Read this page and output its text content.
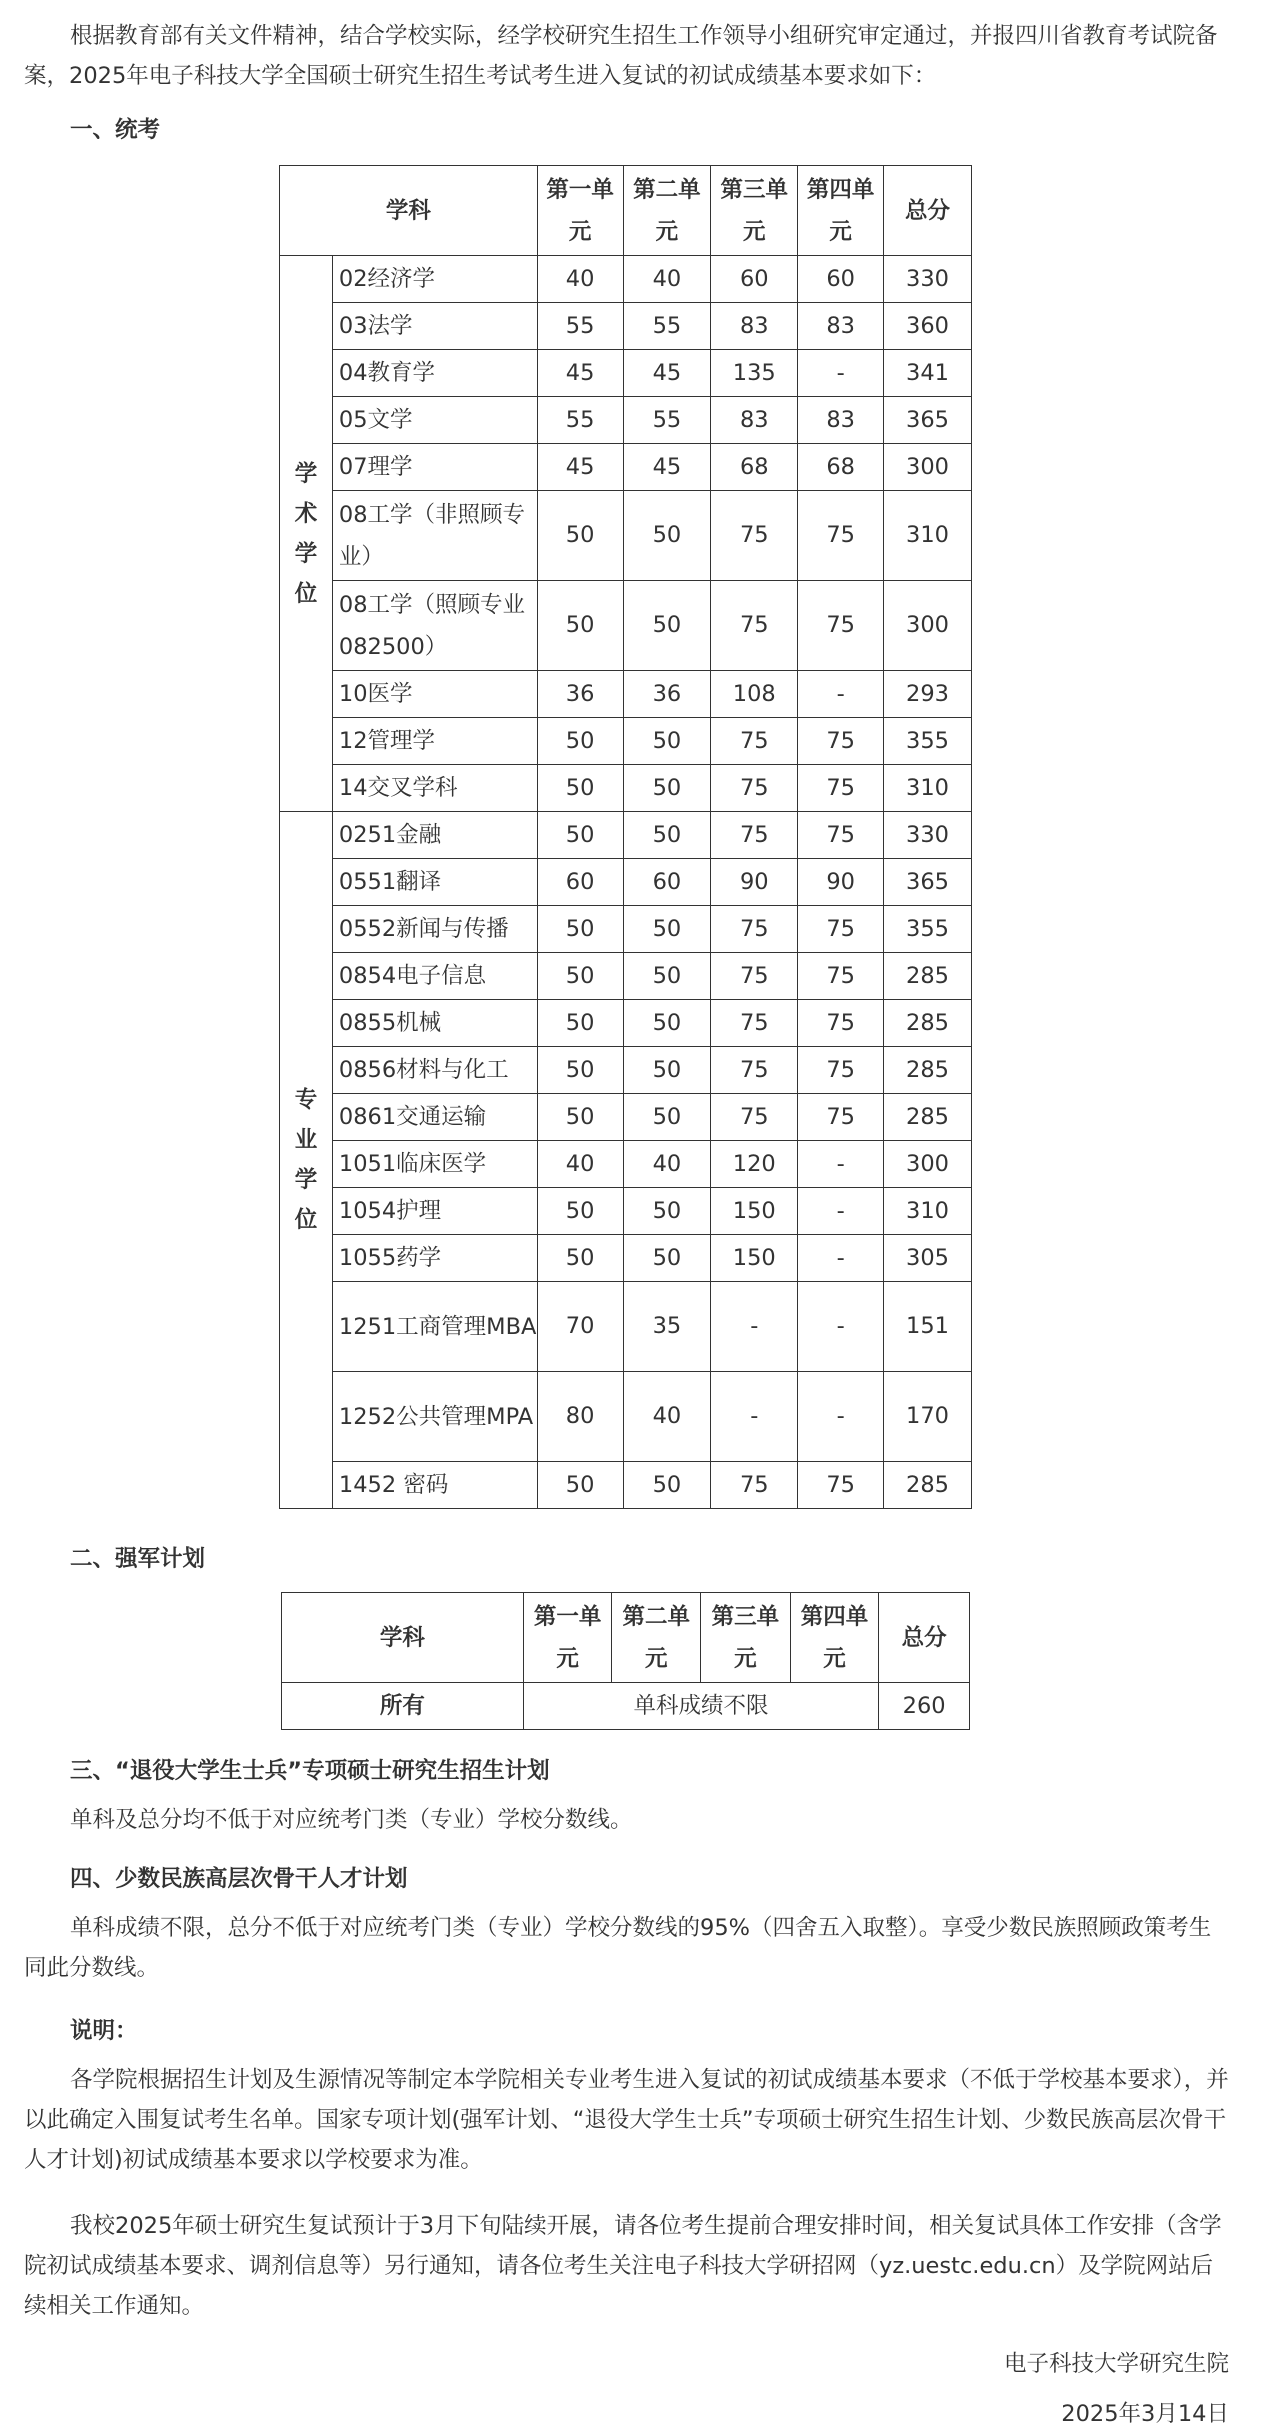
根据教育部有关文件精神，结合学校实际，经学校研究生招生工作领导小组研究审定通过，并报四川省教育考试院备案，2025年电子科技大学全国硕士研究生招生考试考生进入复试的初试成绩基本要求如下：

一、统考
学科		第一单元	第二单元	第三单元	第四单元	总分

学
术
学
位	02经济学	40	40	60	60	330
	03法学	55	55	83	83	360
	04教育学	45	45	135	-	341
	05文学	55	55	83	83	365
	07理学	45	45	68	68	300
	08工学（非照顾专业）	50	50	75	75	310
	08工学（照顾专业082500）	50	50	75	75	300
	10医学	36	36	108	-	293
	12管理学	50	50	75	75	355
	14交叉学科	50	50	75	75	310

专
业
学
位	0251金融	50	50	75	75	330
	0551翻译	60	60	90	90	365
	0552新闻与传播	50	50	75	75	355
	0854电子信息	50	50	75	75	285
	0855机械	50	50	75	75	285
	0856材料与化工	50	50	75	75	285
	0861交通运输	50	50	75	75	285
	1051临床医学	40	40	120	-	300
	1054护理	50	50	150	-	310
	1055药学	50	50	150	-	305
	1251工商管理MBA	70	35	-	-	151
	1252公共管理MPA	80	40	-	-	170
	1452 密码	50	50	75	75	285
二、强军计划
学科	第一单元	第二单元	第三单元	第四单元	总分
所有	单科成绩不限				260
三、“退役大学生士兵”专项硕士研究生招生计划

单科及总分均不低于对应统考门类（专业）学校分数线。

四、少数民族高层次骨干人才计划

单科成绩不限，总分不低于对应统考门类（专业）学校分数线的95%（四舍五入取整）。享受少数民族照顾政策考生同此分数线。

说明：

各学院根据招生计划及生源情况等制定本学院相关专业考生进入复试的初试成绩基本要求（不低于学校基本要求），并以此确定入围复试考生名单。国家专项计划(强军计划、“退役大学生士兵”专项硕士研究生招生计划、少数民族高层次骨干人才计划)初试成绩基本要求以学校要求为准。

我校2025年硕士研究生复试预计于3月下旬陆续开展，请各位考生提前合理安排时间，相关复试具体工作安排（含学院初试成绩基本要求、调剂信息等）另行通知，请各位考生关注电子科技大学研招网（yz.uestc.edu.cn）及学院网站后续相关工作通知。

电子科技大学研究生院
2025年3月14日
